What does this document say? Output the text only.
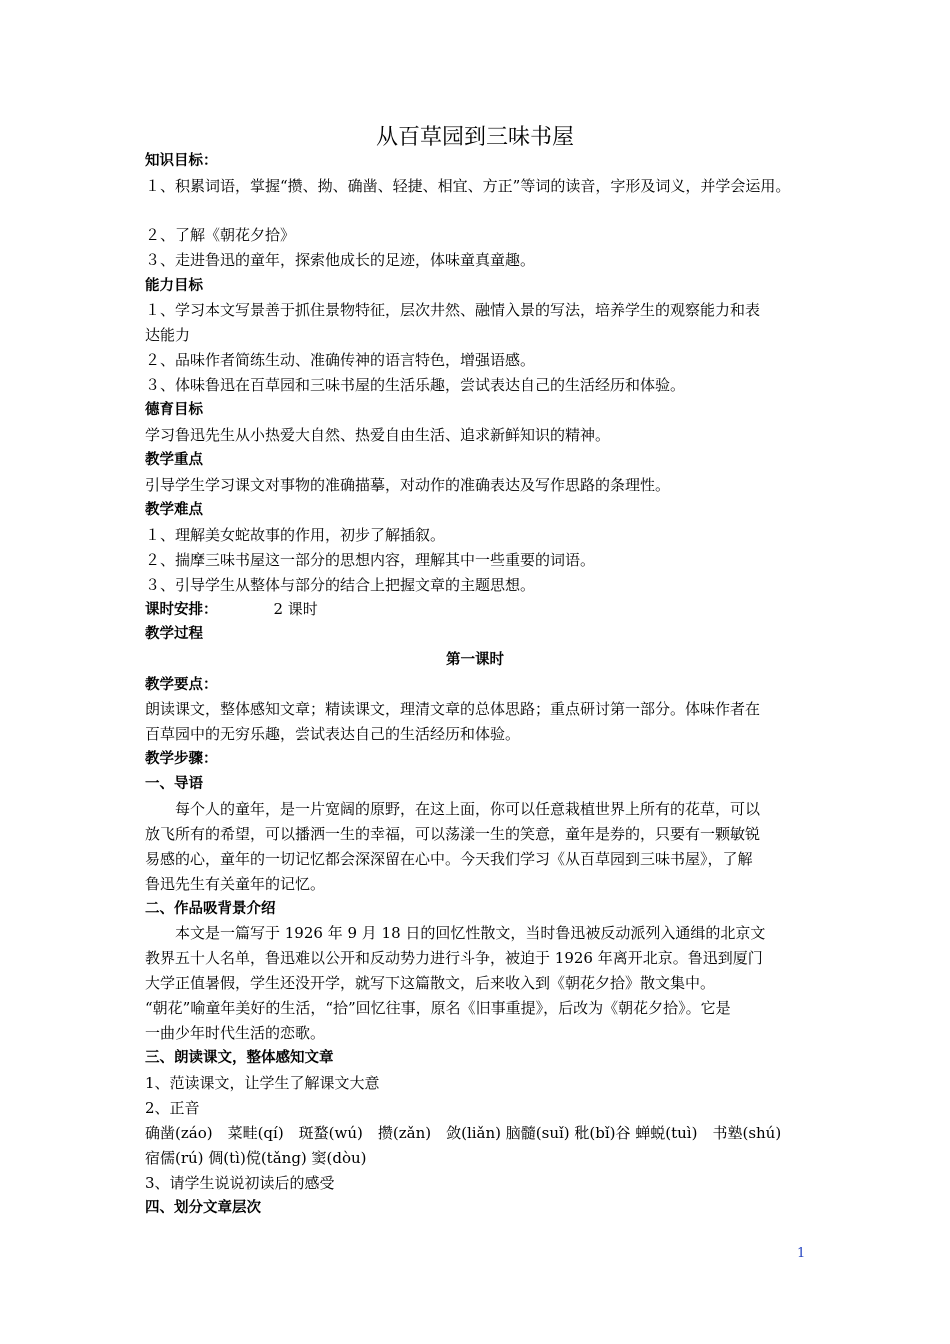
从百草园到三味书屋
知识目标：
１、积累词语，掌握“攒、拗、确凿、轻捷、相宜、方正”等词的读音，字形及词义，并学会运用。
２、了解《朝花夕拾》
３、走进鲁迅的童年，探索他成长的足迹，体味童真童趣。
能力目标
１、学习本文写景善于抓住景物特征，层次井然、融情入景的写法，培养学生的观察能力和表
达能力
２、品味作者简练生动、准确传神的语言特色，增强语感。
３、体味鲁迅在百草园和三味书屋的生活乐趣，尝试表达自己的生活经历和体验。
德育目标
学习鲁迅先生从小热爱大自然、热爱自由生活、追求新鲜知识的精神。
教学重点
引导学生学习课文对事物的准确描摹，对动作的准确表达及写作思路的条理性。
教学难点
１、理解美女蛇故事的作用，初步了解插叙。
２、揣摩三味书屋这一部分的思想内容，理解其中一些重要的词语。
３、引导学生从整体与部分的结合上把握文章的主题思想。
课时安排：	2 课时
教学过程
第一课时
教学要点：
朗读课文，整体感知文章；精读课文，理清文章的总体思路；重点研讨第一部分。体味作者在
百草园中的无穷乐趣，尝试表达自己的生活经历和体验。
教学步骤：
一、导语
　　每个人的童年，是一片宽阔的原野，在这上面，你可以任意栽植世界上所有的花草，可以
放飞所有的希望，可以播洒一生的幸福，可以荡漾一生的笑意，童年是券的，只要有一颗敏锐
易感的心，童年的一切记忆都会深深留在心中。今天我们学习《从百草园到三味书屋》，了解
鲁迅先生有关童年的记忆。
二、作品吸背景介绍
　　本文是一篇写于 1926 年 9 月 18 日的回忆性散文，当时鲁迅被反动派列入通缉的北京文
教界五十人名单，鲁迅难以公开和反动势力进行斗争，被迫于 1926 年离开北京。鲁迅到厦门
大学正值暑假，学生还没开学，就写下这篇散文，后来收入到《朝花夕拾》散文集中。
“朝花”喻童年美好的生活，“拾”回忆往事，原名《旧事重提》，后改为《朝花夕拾》。它是
一曲少年时代生活的恋歌。
三、朗读课文，整体感知文章
1、范读课文，让学生了解课文大意
2、正音
确凿(záo)　菜畦(qí)　斑蝥(wú)　攒(zǎn)　敛(liǎn) 脑髓(suǐ) 秕(bǐ)谷 蝉蜕(tuì)　书塾(shú)
宿儒(rú) 倜(tì)傥(tǎng) 窦(dòu)
3、请学生说说初读后的感受
四、划分文章层次
1
